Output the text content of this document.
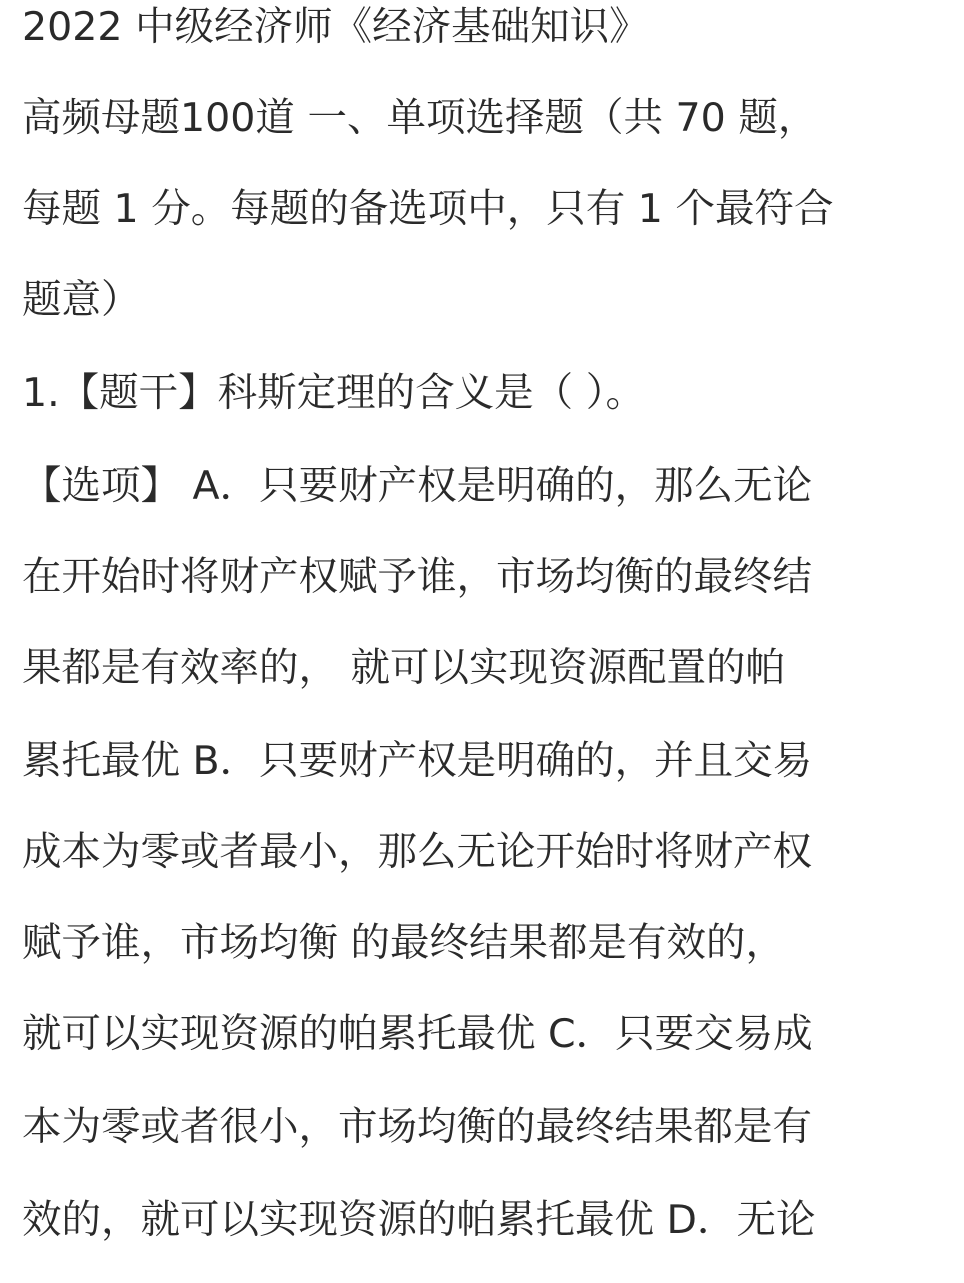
2022 中级经济师《经济基础知识》
高频母题100道 一、单项选择题（共 70 题，
每题 1 分。每题的备选项中，只有 1 个最符合
题意）
1.【题干】科斯定理的含义是（ ）。
【选项】 A．只要财产权是明确的，那么无论
在开始时将财产权赋予谁，市场均衡的最终结
果都是有效率的， 就可以实现资源配置的帕
累托最优 B．只要财产权是明确的，并且交易
成本为零或者最小，那么无论开始时将财产权
赋予谁，市场均衡 的最终结果都是有效的，
就可以实现资源的帕累托最优 C．只要交易成
本为零或者很小，市场均衡的最终结果都是有
效的，就可以实现资源的帕累托最优 D．无论
